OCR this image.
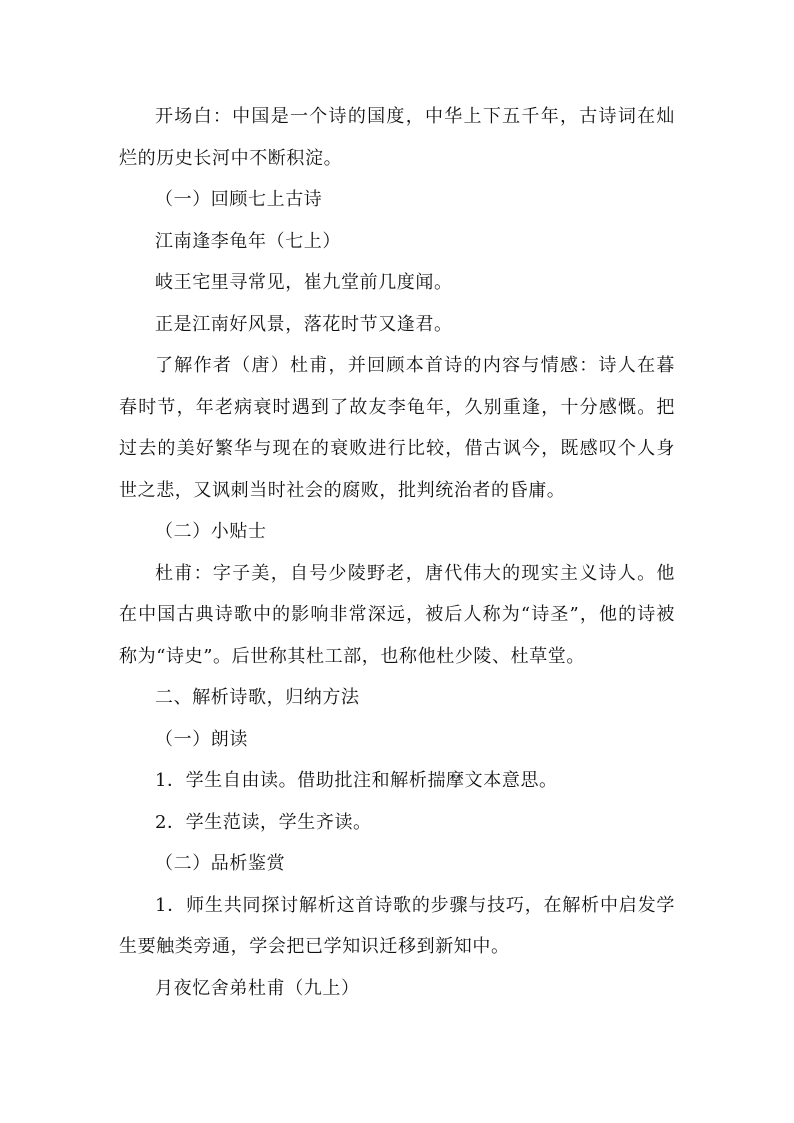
开场白：中国是一个诗的国度，中华上下五千年，古诗词在灿烂的历史长河中不断积淀。

（一）回顾七上古诗

江南逢李龟年（七上）

岐王宅里寻常见，崔九堂前几度闻。

正是江南好风景，落花时节又逢君。

了解作者（唐）杜甫，并回顾本首诗的内容与情感：诗人在暮春时节，年老病衰时遇到了故友李龟年，久别重逢，十分感慨。把过去的美好繁华与现在的衰败进行比较，借古讽今，既感叹个人身世之悲，又讽刺当时社会的腐败，批判统治者的昏庸。

（二）小贴士

杜甫：字子美，自号少陵野老，唐代伟大的现实主义诗人。他在中国古典诗歌中的影响非常深远，被后人称为“诗圣”，他的诗被称为“诗史”。后世称其杜工部，也称他杜少陵、杜草堂。

二、解析诗歌，归纳方法

（一）朗读

1．学生自由读。借助批注和解析揣摩文本意思。

2．学生范读，学生齐读。

（二）品析鉴赏

1．师生共同探讨解析这首诗歌的步骤与技巧，在解析中启发学生要触类旁通，学会把已学知识迁移到新知中。

月夜忆舍弟杜甫（九上）
